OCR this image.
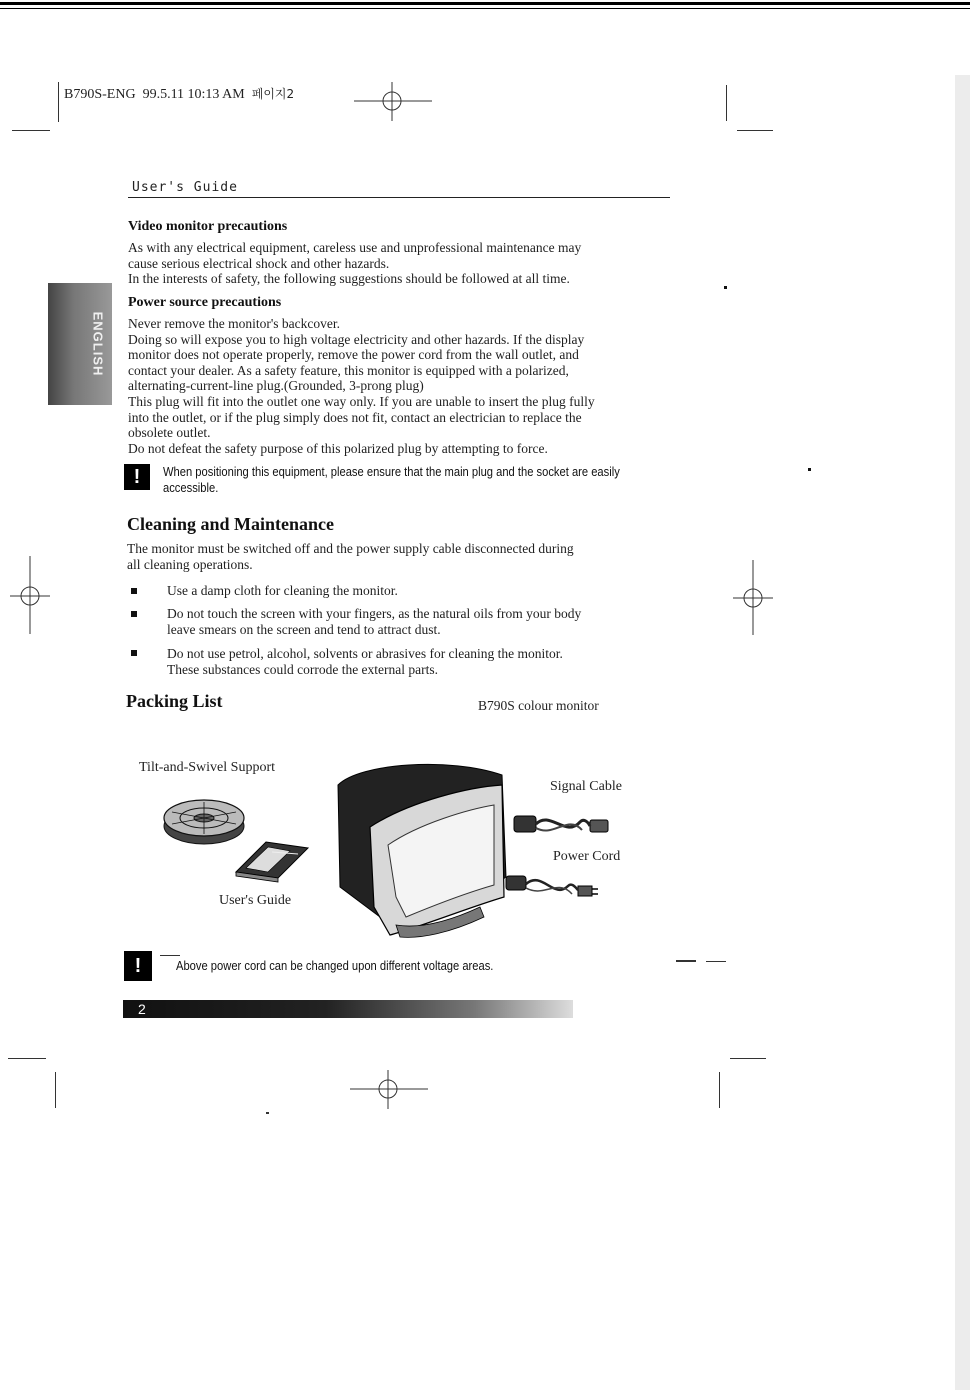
B790S-ENG 99.5.11 10:13 AM 페이지2
User's Guide
ENGLISH
Video monitor precautions
As with any electrical equipment, careless use and unprofessional maintenance may
cause serious electrical shock and other hazards.
In the interests of safety, the following suggestions should be followed at all time.
Power source precautions
Never remove the monitor's backcover.
Doing so will expose you to high voltage electricity and other hazards. If the display
monitor does not operate properly, remove the power cord from the wall outlet, and
contact your dealer. As a safety feature, this monitor is equipped with a polarized,
alternating-current-line plug.(Grounded, 3-prong plug)
This plug will fit into the outlet one way only. If you are unable to insert the plug fully
into the outlet, or if the plug simply does not fit, contact an electrician to replace the
obsolete outlet.
Do not defeat the safety purpose of this polarized plug by attempting to force.
!	When positioning this equipment, please ensure that the main plug and the socket are easily
accessible.
Cleaning and Maintenance
The monitor must be switched off and the power supply cable disconnected during
all cleaning operations.
Use a damp cloth for cleaning the monitor.
Do not touch the screen with your fingers, as the natural oils from your body
leave smears on the screen and tend to attract dust.
Do not use petrol, alcohol, solvents or abrasives for cleaning the monitor.
These substances could corrode the external parts.
Packing List	B790S colour monitor
Tilt-and-Swivel Support
User's Guide
Signal Cable
Power Cord
!	Above power cord can be changed upon different voltage areas.
2
